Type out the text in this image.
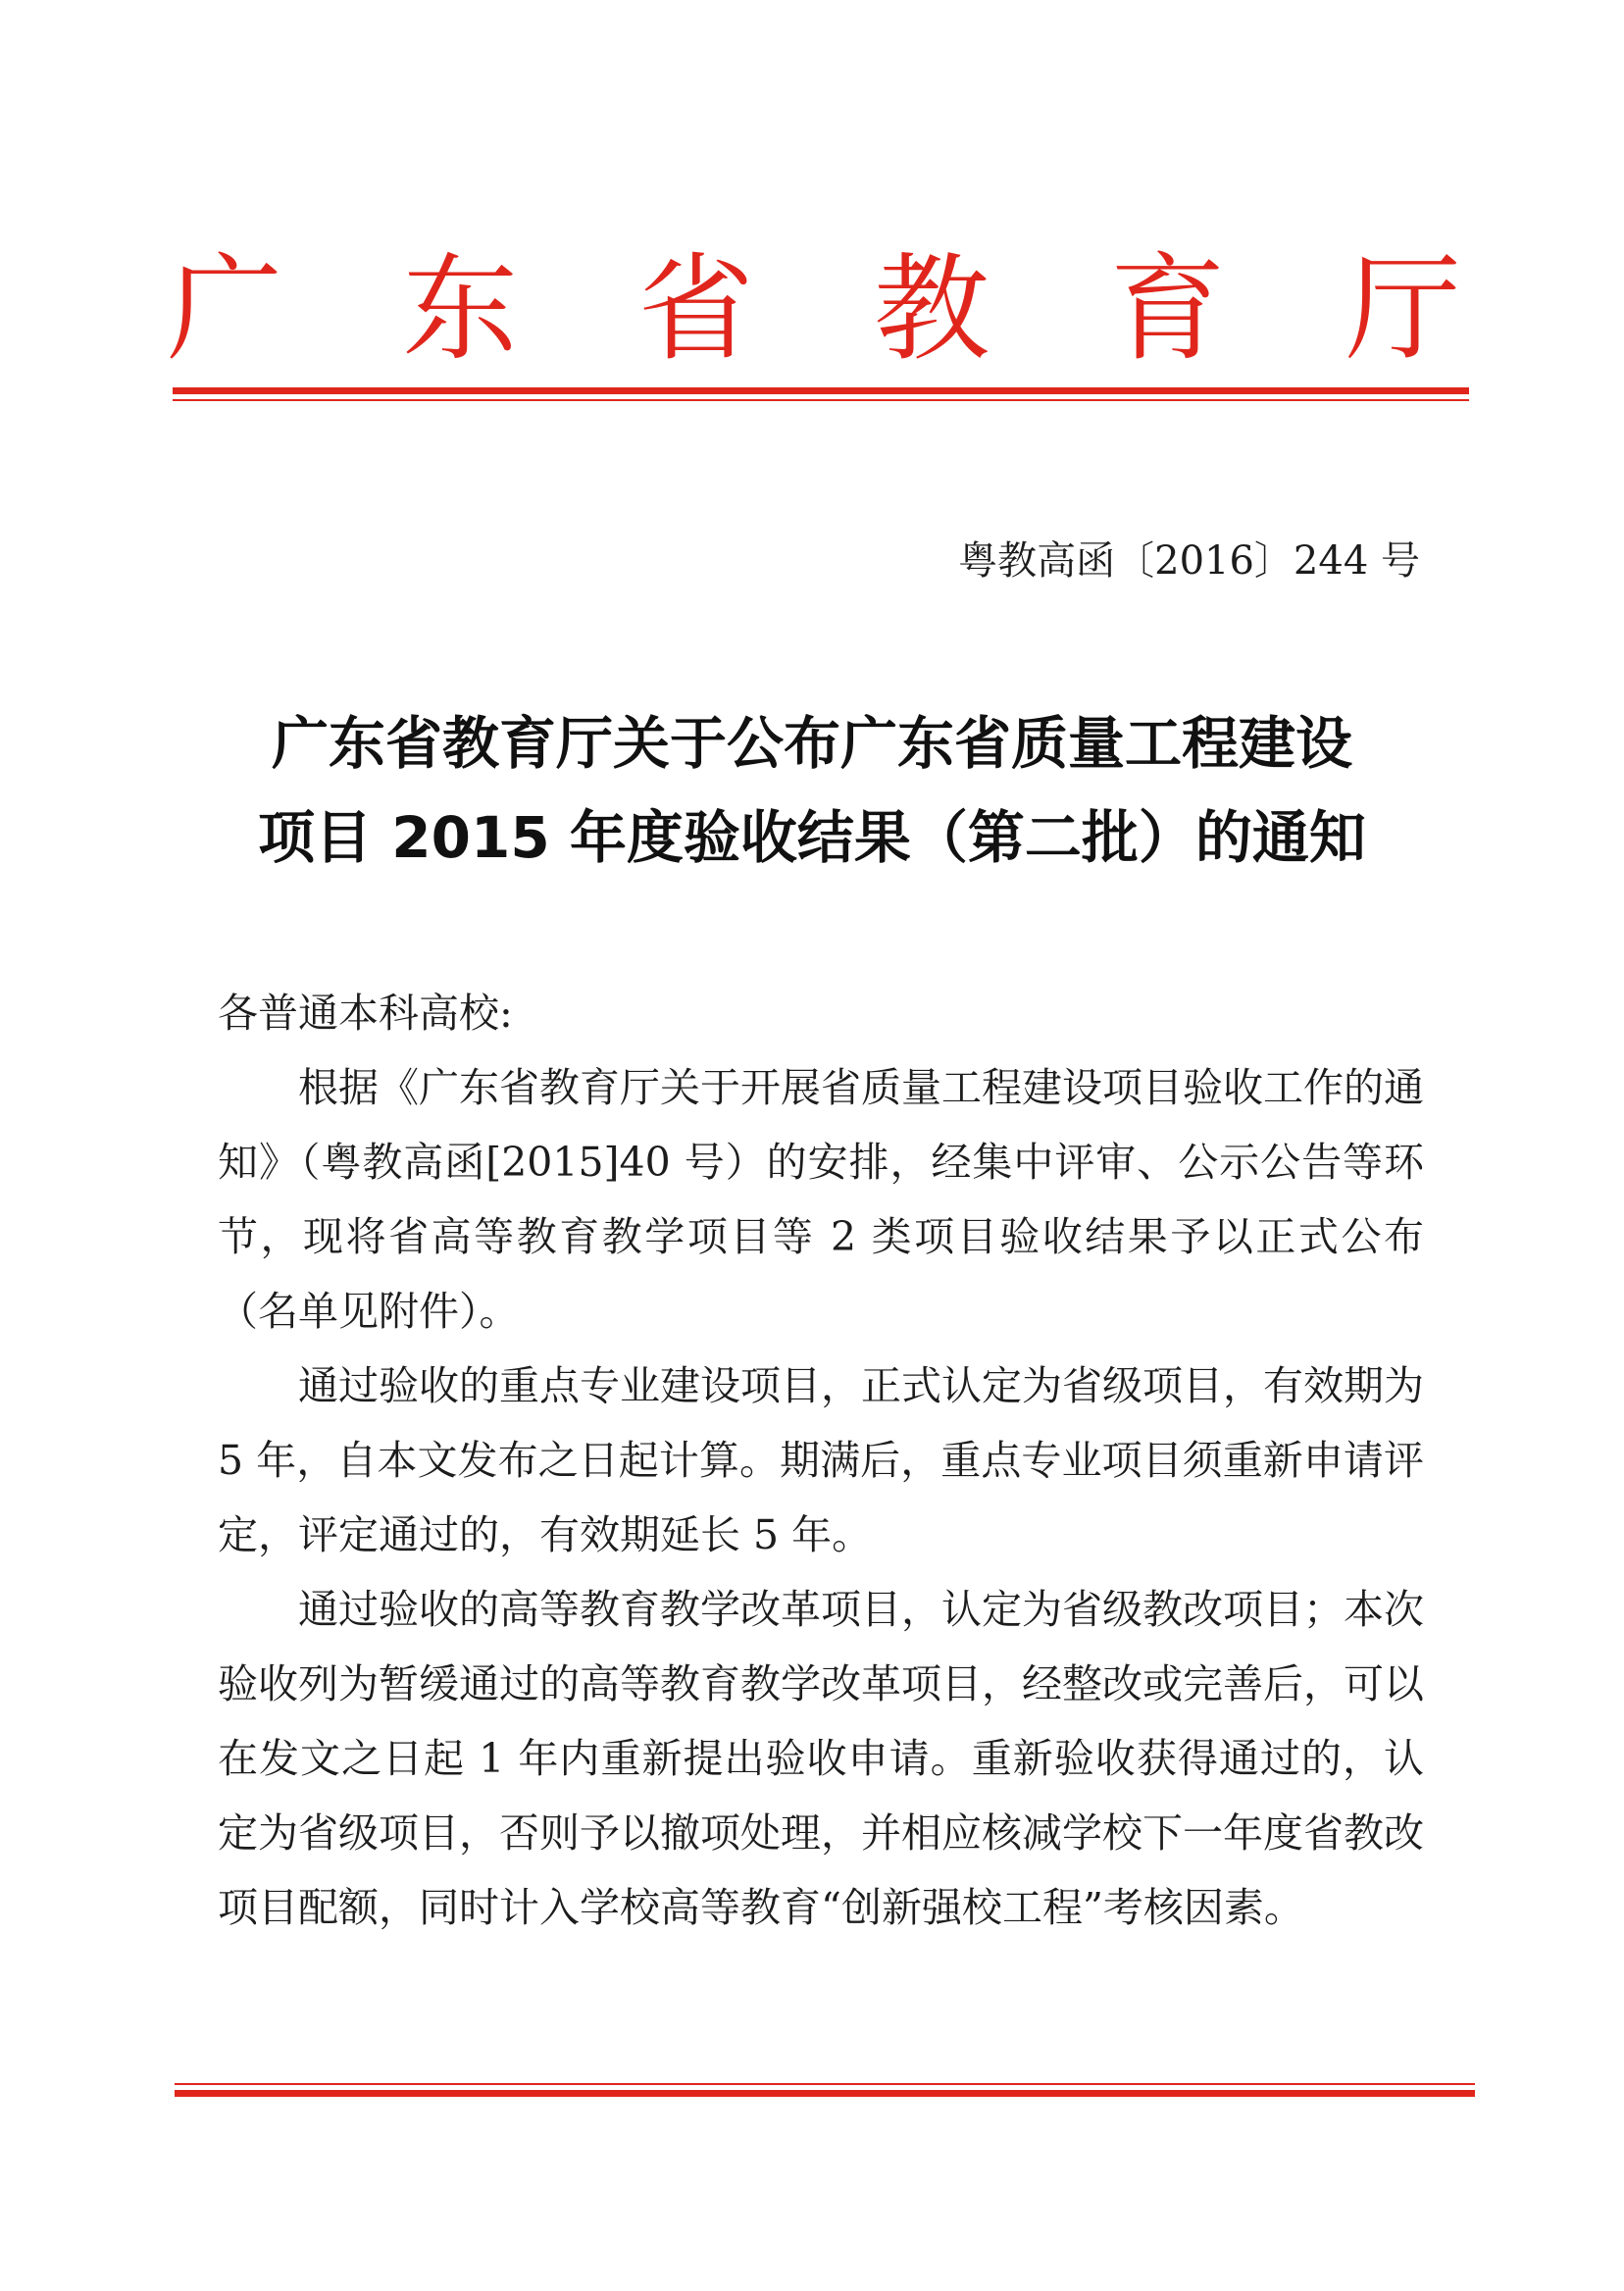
广 东 省 教 育 厅
粤教高函〔2016〕244 号
广东省教育厅关于公布广东省质量工程建设
项目 2015 年度验收结果（第二批）的通知
各普通本科高校:
根据《广东省教育厅关于开展省质量工程建设项目验收工作的通知》（粤教高函[2015]40 号）的安排，经集中评审、公示公告等环节，现将省高等教育教学项目等 2 类项目验收结果予以正式公布（名单见附件）。
通过验收的重点专业建设项目，正式认定为省级项目，有效期为 5 年，自本文发布之日起计算。期满后，重点专业项目须重新申请评定，评定通过的，有效期延长 5 年。
通过验收的高等教育教学改革项目，认定为省级教改项目；本次验收列为暂缓通过的高等教育教学改革项目，经整改或完善后，可以在发文之日起 1 年内重新提出验收申请。重新验收获得通过的，认定为省级项目，否则予以撤项处理，并相应核减学校下一年度省教改项目配额，同时计入学校高等教育“创新强校工程”考核因素。
